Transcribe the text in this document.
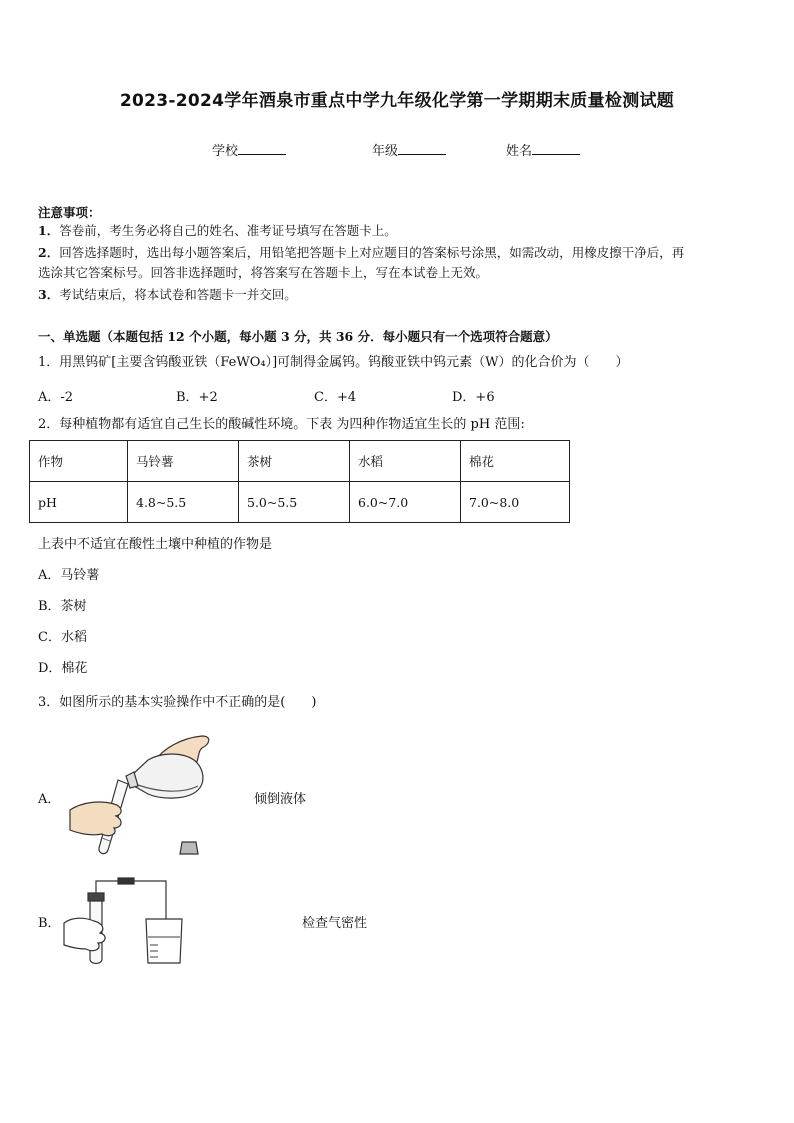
2023-2024学年酒泉市重点中学九年级化学第一学期期末质量检测试题
学校	年级	姓名
注意事项：
1．答卷前，考生务必将自己的姓名、准考证号填写在答题卡上。
2．回答选择题时，选出每小题答案后，用铅笔把答题卡上对应题目的答案标号涂黑，如需改动，用橡皮擦干净后，再
选涂其它答案标号。回答非选择题时，将答案写在答题卡上，写在本试卷上无效。
3．考试结束后，将本试卷和答题卡一并交回。
一、单选题（本题包括 12 个小题，每小题 3 分，共 36 分．每小题只有一个选项符合题意）
1．用黑钨矿[主要含钨酸亚铁（FeWO₄）]可制得金属钨。钨酸亚铁中钨元素（W）的化合价为（　　）
A．-2	B．+2	C．+4	D．+6
2．每种植物都有适宜自己生长的酸碱性环境。下表 为四种作物适宜生长的 pH 范围:
作物	马铃薯	茶树	水稻	棉花
pH	4.8~5.5	5.0~5.5	6.0~7.0	7.0~8.0
上表中不适宜在酸性土壤中种植的作物是
A．马铃薯
B．茶树
C．水稻
D．棉花
3．如图所示的基本实验操作中不正确的是(　　)
A．	倾倒液体
B．	检查气密性
